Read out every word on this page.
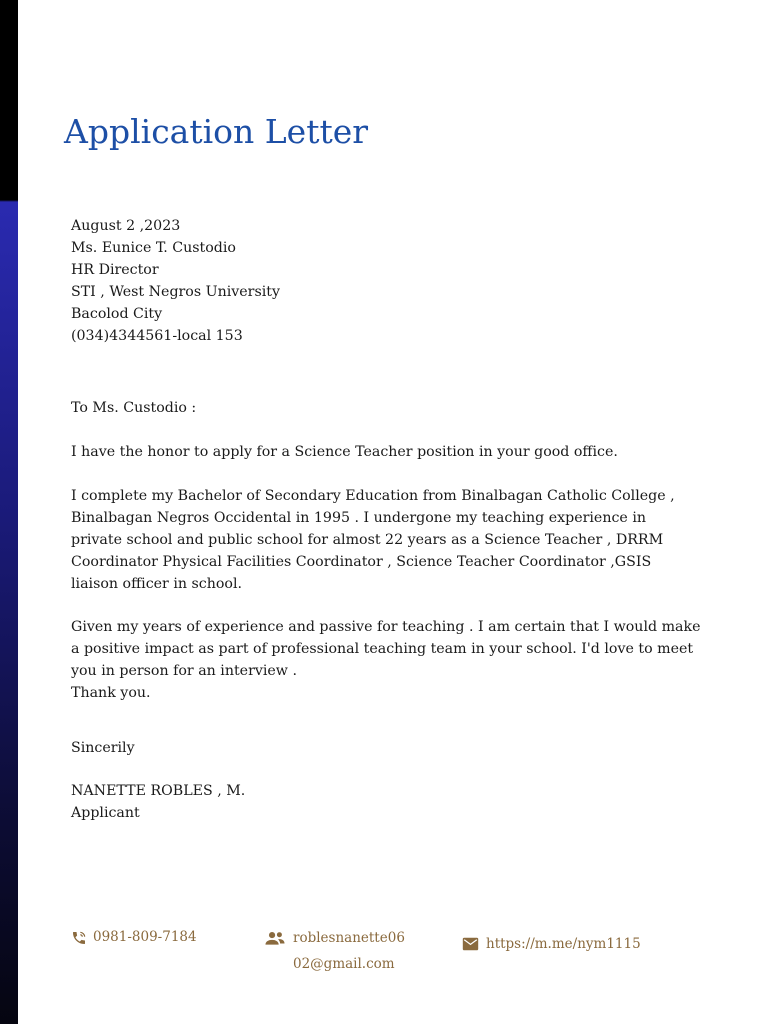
Application Letter
August 2 ,2023
Ms. Eunice T. Custodio
HR Director
STI , West Negros University
Bacolod City
(034)4344561-local 153

To Ms. Custodio :

I have the honor to apply for a Science Teacher position in your good office.

I complete my Bachelor of Secondary Education from Binalbagan Catholic College , Binalbagan Negros Occidental in 1995 . I undergone my teaching experience in private school and public school for almost 22 years as a Science Teacher , DRRM Coordinator Physical Facilities Coordinator , Science Teacher Coordinator ,GSIS liaison officer in school.

Given my years of experience and passive for teaching . I am certain that I would make a positive impact as part of professional teaching team in your school. I'd love to meet you in person for an interview .
Thank you.

Sincerily

NANETTE ROBLES , M.
Applicant
0981-809-7184	roblesnanette06
02@gmail.com
https://m.me/nym1115
